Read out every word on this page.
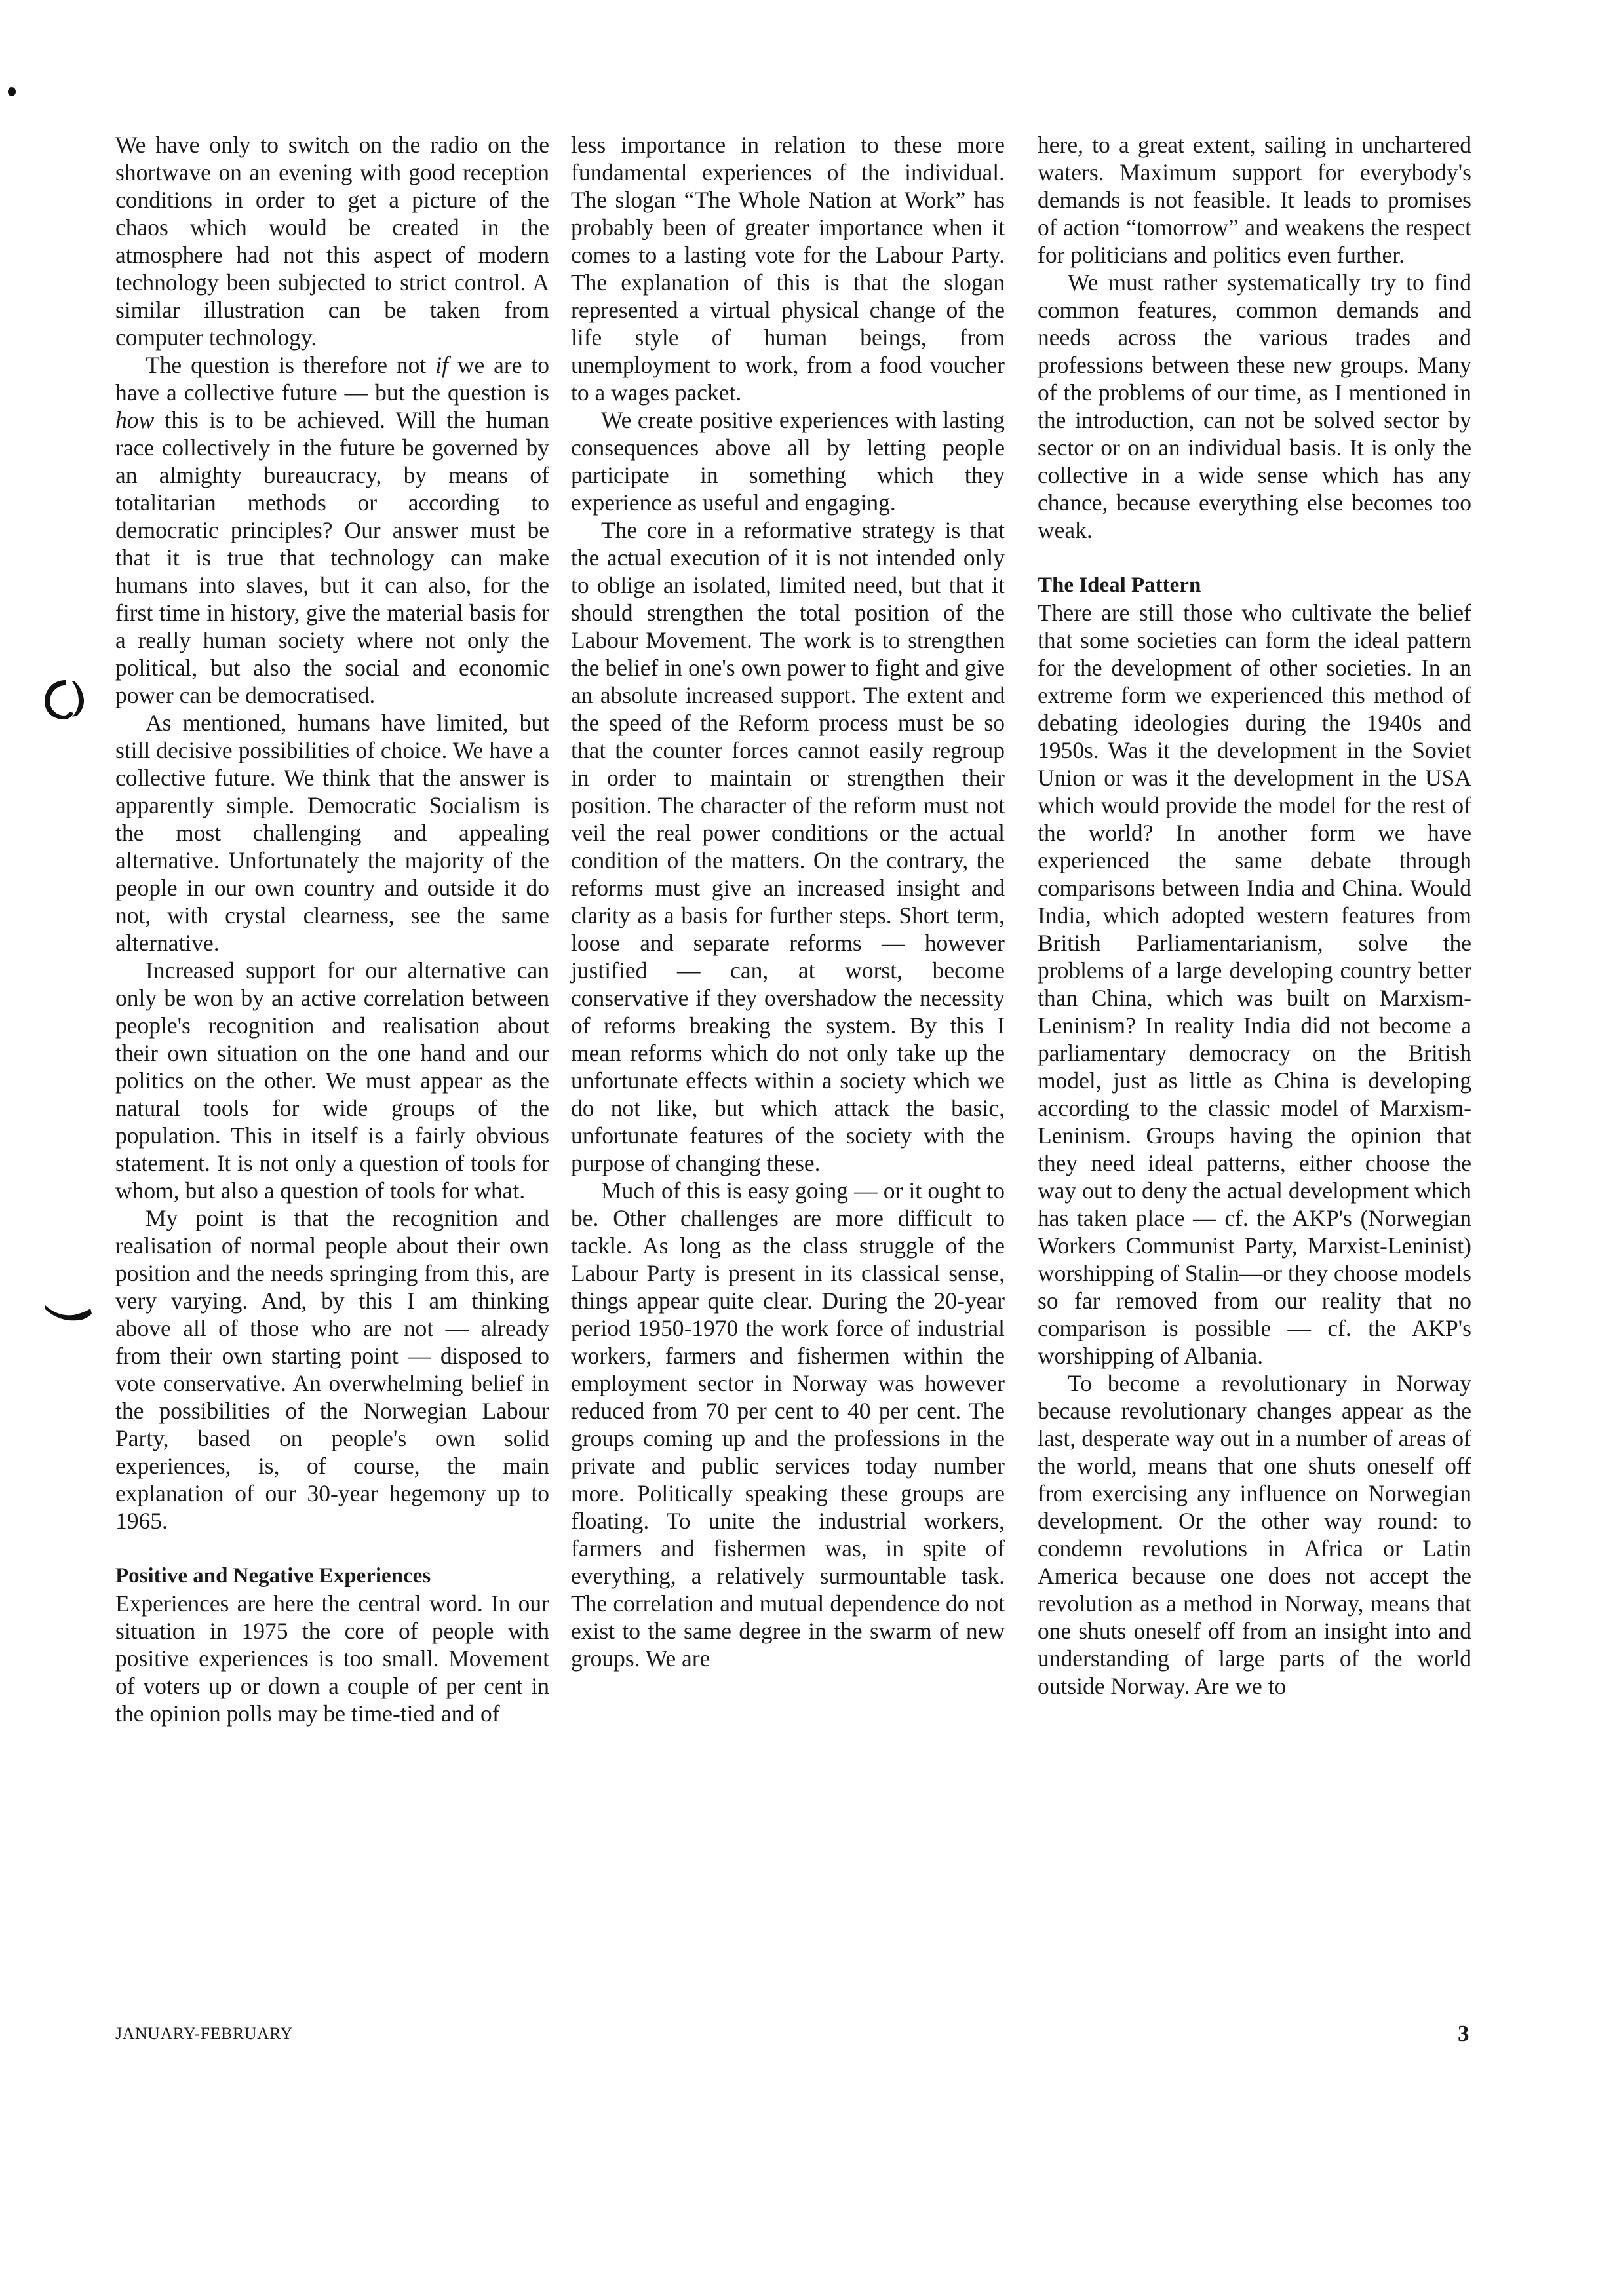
We have only to switch on the radio on the shortwave on an evening with good reception conditions in order to get a picture of the chaos which would be created in the atmosphere had not this aspect of modern technology been subjected to strict control. A similar illustration can be taken from computer technology.

The question is therefore not if we are to have a collective future — but the question is how this is to be achieved. Will the human race collectively in the future be governed by an almighty bureaucracy, by means of totalitarian methods or according to democratic principles? Our answer must be that it is true that technology can make humans into slaves, but it can also, for the first time in history, give the material basis for a really human society where not only the political, but also the social and economic power can be democratised.

As mentioned, humans have limited, but still decisive possibilities of choice. We have a collective future. We think that the answer is apparently simple. Democratic Socialism is the most challenging and appealing alternative. Unfortunately the majority of the people in our own country and outside it do not, with crystal clearness, see the same alternative.

Increased support for our alternative can only be won by an active correlation between people's recognition and realisation about their own situation on the one hand and our politics on the other. We must appear as the natural tools for wide groups of the population. This in itself is a fairly obvious statement. It is not only a question of tools for whom, but also a question of tools for what.

My point is that the recognition and realisation of normal people about their own position and the needs springing from this, are very varying. And, by this I am thinking above all of those who are not — already from their own starting point — disposed to vote conservative. An overwhelming belief in the possibilities of the Norwegian Labour Party, based on people's own solid experiences, is, of course, the main explanation of our 30-year hegemony up to 1965.

Positive and Negative Experiences

Experiences are here the central word. In our situation in 1975 the core of people with positive experiences is too small. Movement of voters up or down a couple of per cent in the opinion polls may be time-tied and of

less importance in relation to these more fundamental experiences of the individual. The slogan “The Whole Nation at Work” has probably been of greater importance when it comes to a lasting vote for the Labour Party. The explanation of this is that the slogan represented a virtual physical change of the life style of human beings, from unemployment to work, from a food voucher to a wages packet.

We create positive experiences with lasting consequences above all by letting people participate in something which they experience as useful and engaging.

The core in a reformative strategy is that the actual execution of it is not intended only to oblige an isolated, limited need, but that it should strengthen the total position of the Labour Movement. The work is to strengthen the belief in one's own power to fight and give an absolute increased support. The extent and the speed of the Reform process must be so that the counter forces cannot easily regroup in order to maintain or strengthen their position. The character of the reform must not veil the real power conditions or the actual condition of the matters. On the contrary, the reforms must give an increased insight and clarity as a basis for further steps. Short term, loose and separate reforms — however justified — can, at worst, become conservative if they overshadow the necessity of reforms breaking the system. By this I mean reforms which do not only take up the unfortunate effects within a society which we do not like, but which attack the basic, unfortunate features of the society with the purpose of changing these.

Much of this is easy going — or it ought to be. Other challenges are more difficult to tackle. As long as the class struggle of the Labour Party is present in its classical sense, things appear quite clear. During the 20-year period 1950-1970 the work force of industrial workers, farmers and fishermen within the employment sector in Norway was however reduced from 70 per cent to 40 per cent. The groups coming up and the professions in the private and public services today number more. Politically speaking these groups are floating. To unite the industrial workers, farmers and fishermen was, in spite of everything, a relatively surmountable task. The correlation and mutual dependence do not exist to the same degree in the swarm of new groups. We are

here, to a great extent, sailing in unchartered waters. Maximum support for everybody's demands is not feasible. It leads to promises of action “tomorrow” and weakens the respect for politicians and politics even further.

We must rather systematically try to find common features, common demands and needs across the various trades and professions between these new groups. Many of the problems of our time, as I mentioned in the introduction, can not be solved sector by sector or on an individual basis. It is only the collective in a wide sense which has any chance, because everything else becomes too weak.

The Ideal Pattern

There are still those who cultivate the belief that some societies can form the ideal pattern for the development of other societies. In an extreme form we experienced this method of debating ideologies during the 1940s and 1950s. Was it the development in the Soviet Union or was it the development in the USA which would provide the model for the rest of the world? In another form we have experienced the same debate through comparisons between India and China. Would India, which adopted western features from British Parliamentarianism, solve the problems of a large developing country better than China, which was built on Marxism-Leninism? In reality India did not become a parliamentary democracy on the British model, just as little as China is developing according to the classic model of Marxism-Leninism. Groups having the opinion that they need ideal patterns, either choose the way out to deny the actual development which has taken place — cf. the AKP's (Norwegian Workers Communist Party, Marxist-Leninist) worshipping of Stalin—or they choose models so far removed from our reality that no comparison is possible — cf. the AKP's worshipping of Albania.

To become a revolutionary in Norway because revolutionary changes appear as the last, desperate way out in a number of areas of the world, means that one shuts oneself off from exercising any influence on Norwegian development. Or the other way round: to condemn revolutions in Africa or Latin America because one does not accept the revolution as a method in Norway, means that one shuts oneself off from an insight into and understanding of large parts of the world outside Norway. Are we to

JANUARY-FEBRUARY	3
